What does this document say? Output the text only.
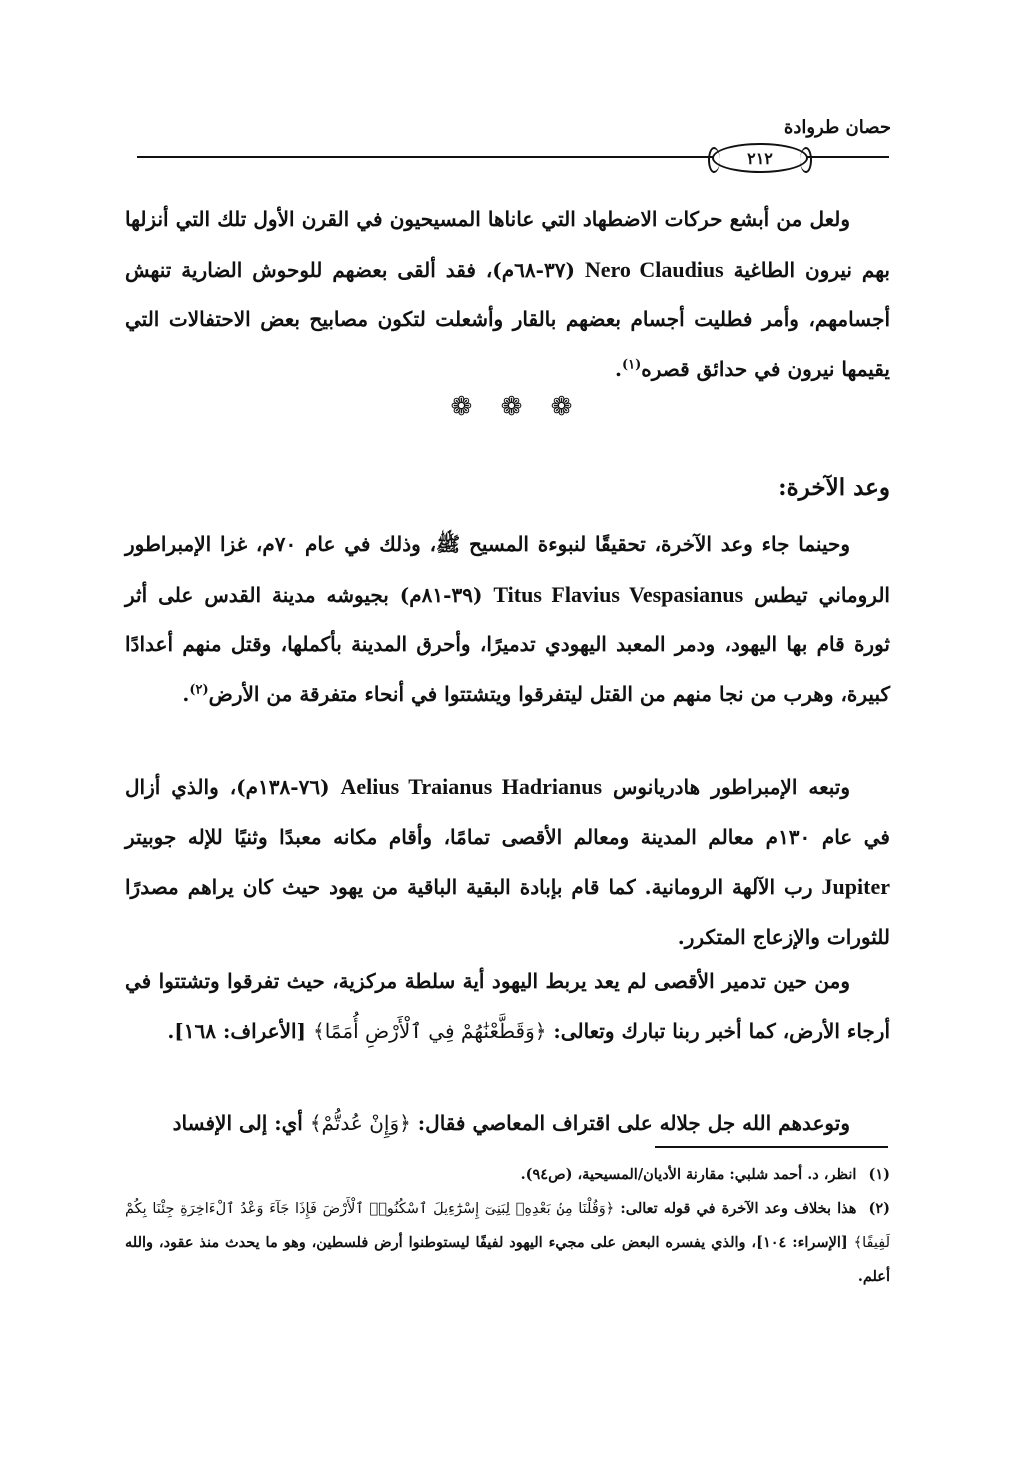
حصان طروادة
٢١٢

ولعل من أبشع حركات الاضطهاد التي عاناها المسيحيون في القرن الأول تلك التي أنزلها بهم نيرون الطاغية Nero Claudius (٣٧-٦٨م)، فقد ألقى بعضهم للوحوش الضارية تنهش أجسامهم، وأمر فطليت أجسام بعضهم بالقار وأشعلت لتكون مصابيح بعض الاحتفالات التي يقيمها نيرون في حدائق قصره$^{(١)}$.

❁ ❁ ❁
وعد الآخرة:

وحينما جاء وعد الآخرة، تحقيقًا لنبوءة المسيح ﷺ، وذلك في عام ٧٠م، غزا الإمبراطور الروماني تيطس Titus Flavius Vespasianus (٣٩-٨١م) بجيوشه مدينة القدس على أثر ثورة قام بها اليهود، ودمر المعبد اليهودي تدميرًا، وأحرق المدينة بأكملها، وقتل منهم أعدادًا كبيرة، وهرب من نجا منهم من القتل ليتفرقوا ويتشتتوا في أنحاء متفرقة من الأرض$^{(٢)}$.

وتبعه الإمبراطور هادريانوس Aelius Traianus Hadrianus (٧٦-١٣٨م)، والذي أزال في عام ١٣٠م معالم المدينة ومعالم الأقصى تمامًا، وأقام مكانه معبدًا وثنيًا للإله جوبيتر Jupiter رب الآلهة الرومانية. كما قام بإبادة البقية الباقية من يهود حيث كان يراهم مصدرًا للثورات والإزعاج المتكرر.

ومن حين تدمير الأقصى لم يعد يربط اليهود أية سلطة مركزية، حيث تفرقوا وتشتتوا في أرجاء الأرض، كما أخبر ربنا تبارك وتعالى: ﴿وَقَطَّعْنَٰهُمْ فِي ٱلْأَرْضِ أُمَمًا﴾ [الأعراف: ١٦٨].

وتوعدهم الله جل جلاله على اقتراف المعاصي فقال: ﴿وَإِنْ عُدتُّمْ﴾ أي: إلى الإفساد

(١)انظر، د. أحمد شلبي: مقارنة الأديان/المسيحية، (ص٩٤).

(٢)هذا بخلاف وعد الآخرة في قوله تعالى: ﴿وَقُلْنَا مِنۢ بَعْدِهِۦ لِبَنِىٓ إِسْرَٰٓءِيلَ ٱسْكُنُوا۟ ٱلْأَرْضَ فَإِذَا جَآءَ وَعْدُ ٱلْءَاخِرَةِ جِئْنَا بِكُمْ لَفِيفًا﴾ [الإسراء: ١٠٤]، والذي يفسره البعض على مجيء اليهود لفيفًا ليستوطنوا أرض فلسطين، وهو ما يحدث منذ عقود، والله أعلم.
